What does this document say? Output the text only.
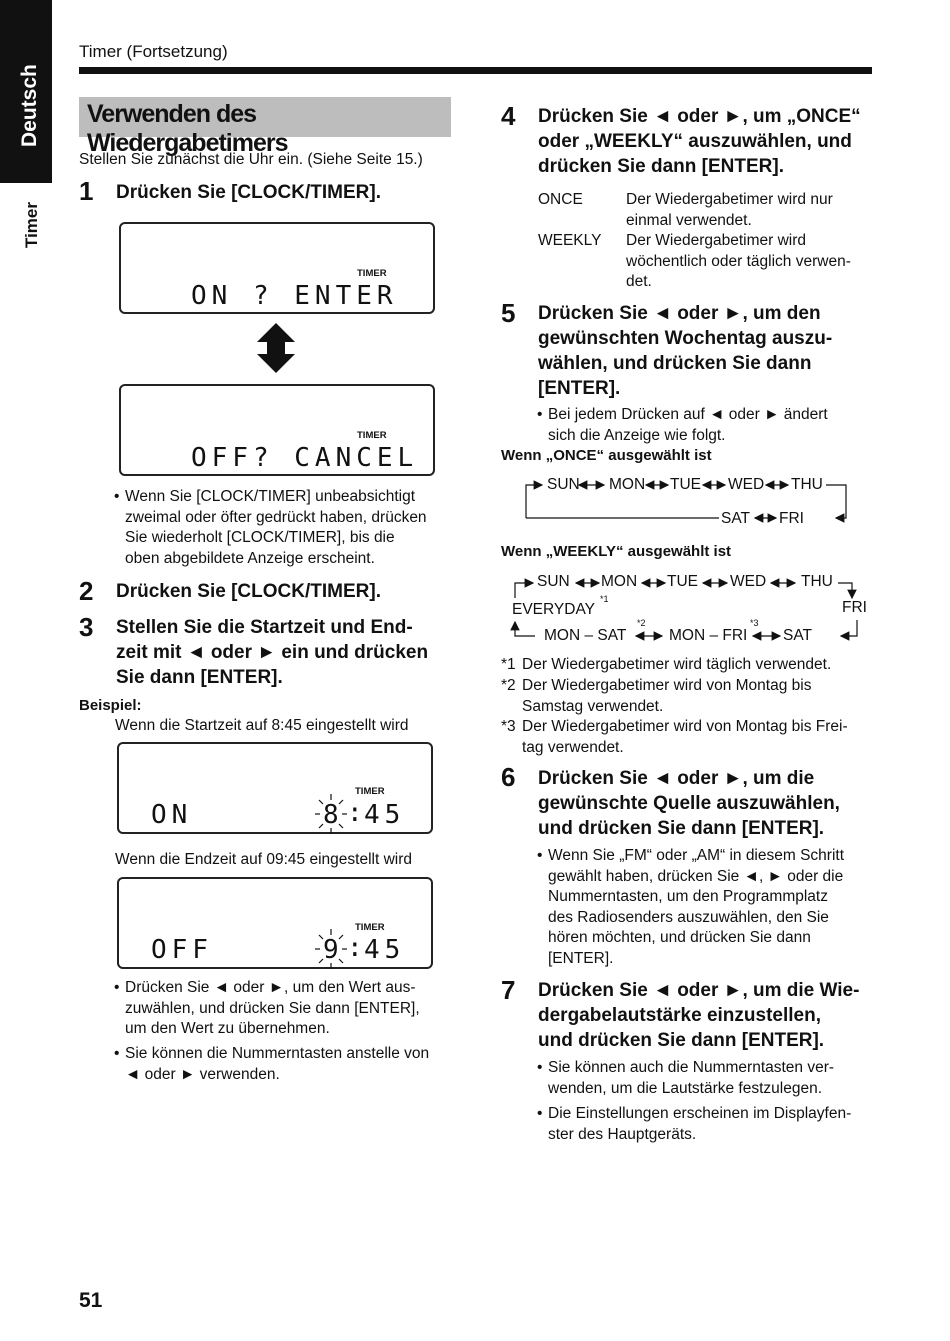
Deutsch
Timer
Timer (Fortsetzung)
Verwenden des Wiedergabetimers
Stellen Sie zunächst die Uhr ein. (Siehe Seite 15.)
1 Drücken Sie [CLOCK/TIMER].
TIMER
ON ? ENTER
TIMER
OFF? CANCEL
• Wenn Sie [CLOCK/TIMER] unbeabsichtigt
zweimal oder öfter gedrückt haben, drücken
Sie wiederholt [CLOCK/TIMER], bis die
oben abgebildete Anzeige erscheint.
2 Drücken Sie [CLOCK/TIMER].
3 Stellen Sie die Startzeit und End-
zeit mit ◄ oder ► ein und drücken
Sie dann [ENTER].
Beispiel:
Wenn die Startzeit auf 8:45 eingestellt wird
TIMER
ON	8 : 45
Wenn die Endzeit auf 09:45 eingestellt wird
TIMER
OFF	9 : 45
• Drücken Sie ◄ oder ►, um den Wert aus-
zuwählen, und drücken Sie dann [ENTER],
um den Wert zu übernehmen.
• Sie können die Nummerntasten anstelle von
◄ oder ► verwenden.
4 Drücken Sie ◄ oder ►, um „ONCE“
oder „WEEKLY“ auszuwählen, und
drücken Sie dann [ENTER].
ONCE	Der Wiedergabetimer wird nur
einmal verwendet.
WEEKLY Der Wiedergabetimer wird
wöchentlich oder täglich verwen-
det.
5 Drücken Sie ◄ oder ►, um den
gewünschten Wochentag auszu-
wählen, und drücken Sie dann
[ENTER].
• Bei jedem Drücken auf ◄ oder ► ändert
sich die Anzeige wie folgt.
Wenn „ONCE“ ausgewählt ist
SUN MON TUE WED THU
SAT FRI
Wenn „WEEKLY“ ausgewählt ist
SUN MON TUE WED THU
EVERYDAY
*1	FRI
*2	*3
MON – SAT	MON – FRI SAT
*1 Der Wiedergabetimer wird täglich verwendet.
*2 Der Wiedergabetimer wird von Montag bis
Samstag verwendet.
*3 Der Wiedergabetimer wird von Montag bis Frei-
tag verwendet.
6 Drücken Sie ◄ oder ►, um die
gewünschte Quelle auszuwählen,
und drücken Sie dann [ENTER].
• Wenn Sie „FM“ oder „AM“ in diesem Schritt
gewählt haben, drücken Sie ◄, ► oder die
Nummerntasten, um den Programmplatz
des Radiosenders auszuwählen, den Sie
hören möchten, und drücken Sie dann
[ENTER].
7 Drücken Sie ◄ oder ►, um die Wie-
dergabelautstärke einzustellen,
und drücken Sie dann [ENTER].
• Sie können auch die Nummerntasten ver-
wenden, um die Lautstärke festzulegen.
• Die Einstellungen erscheinen im Displayfen-
ster des Hauptgeräts.
51
